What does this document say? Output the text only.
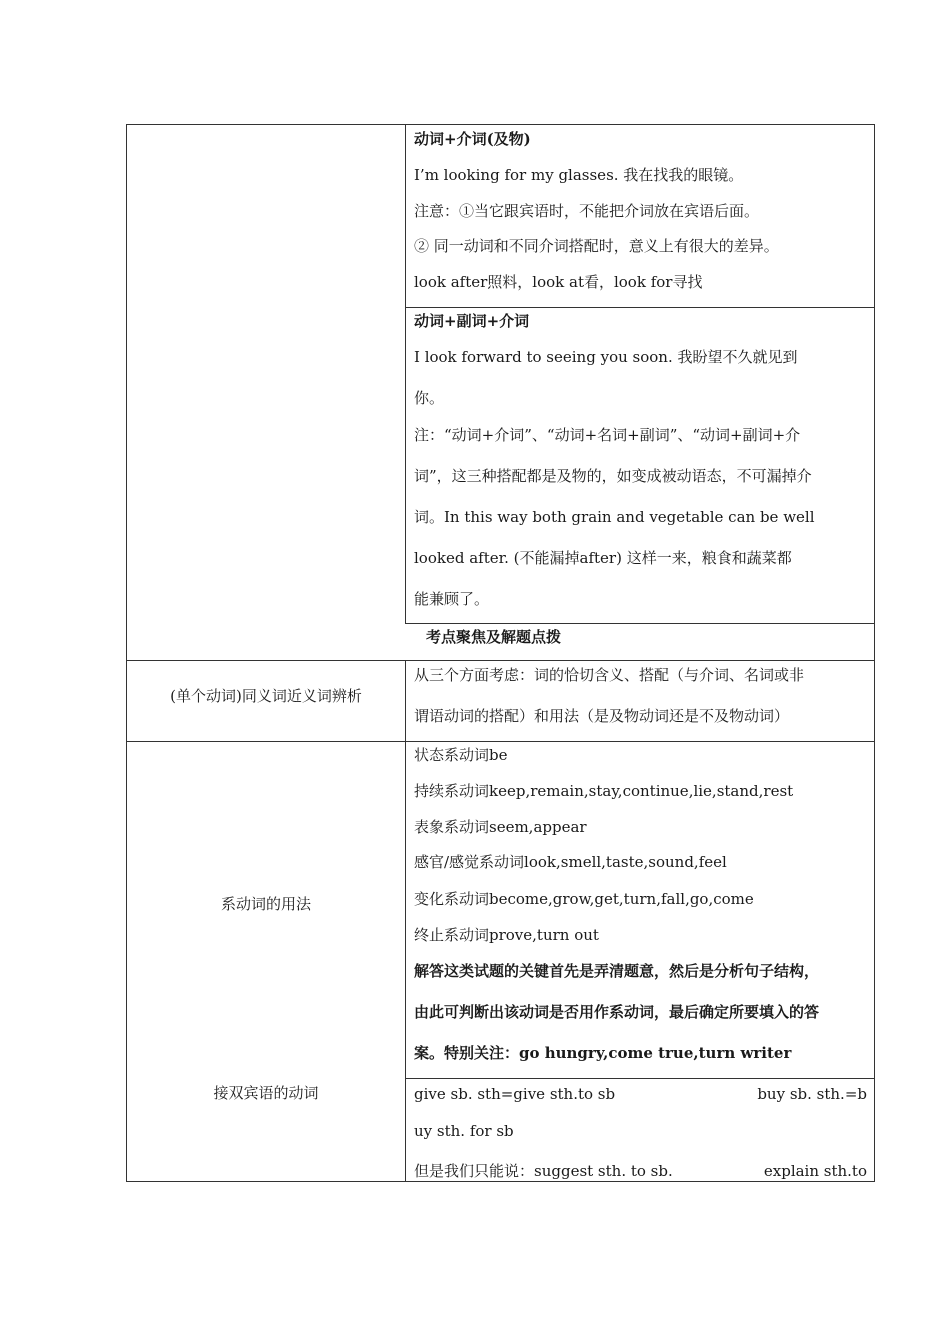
动词+介词(及物)
I’m looking for my glasses. 我在找我的眼镜。
注意：①当它跟宾语时，不能把介词放在宾语后面。
② 同一动词和不同介词搭配时，意义上有很大的差异。
look after照料，look at看，look for寻找
动词+副词+介词
I look forward to seeing you soon. 我盼望不久就见到
你。
注：“动词+介词”、“动词+名词+副词”、“动词+副词+介
词”，这三种搭配都是及物的，如变成被动语态，不可漏掉介
词。In this way both grain and vegetable can be well
looked after. (不能漏掉after) 这样一来，粮食和蔬菜都
能兼顾了。
考点聚焦及解题点拨
(单个动词)同义词近义词辨析
从三个方面考虑：词的恰切含义、搭配（与介词、名词或非
谓语动词的搭配）和用法（是及物动词还是不及物动词）
系动词的用法
接双宾语的动词
状态系动词be
持续系动词keep,remain,stay,continue,lie,stand,rest
表象系动词seem,appear
感官/感觉系动词look,smell,taste,sound,feel
变化系动词become,grow,get,turn,fall,go,come
终止系动词prove,turn out
解答这类试题的关键首先是弄清题意，然后是分析句子结构，
由此可判断出该动词是否用作系动词，最后确定所要填入的答
案。特别关注：go hungry,come true,turn writer
give sb. sth=give sth.to sb	buy sb. sth.=b
uy sth. for sb
但是我们只能说：suggest sth. to sb.	explain sth.to
